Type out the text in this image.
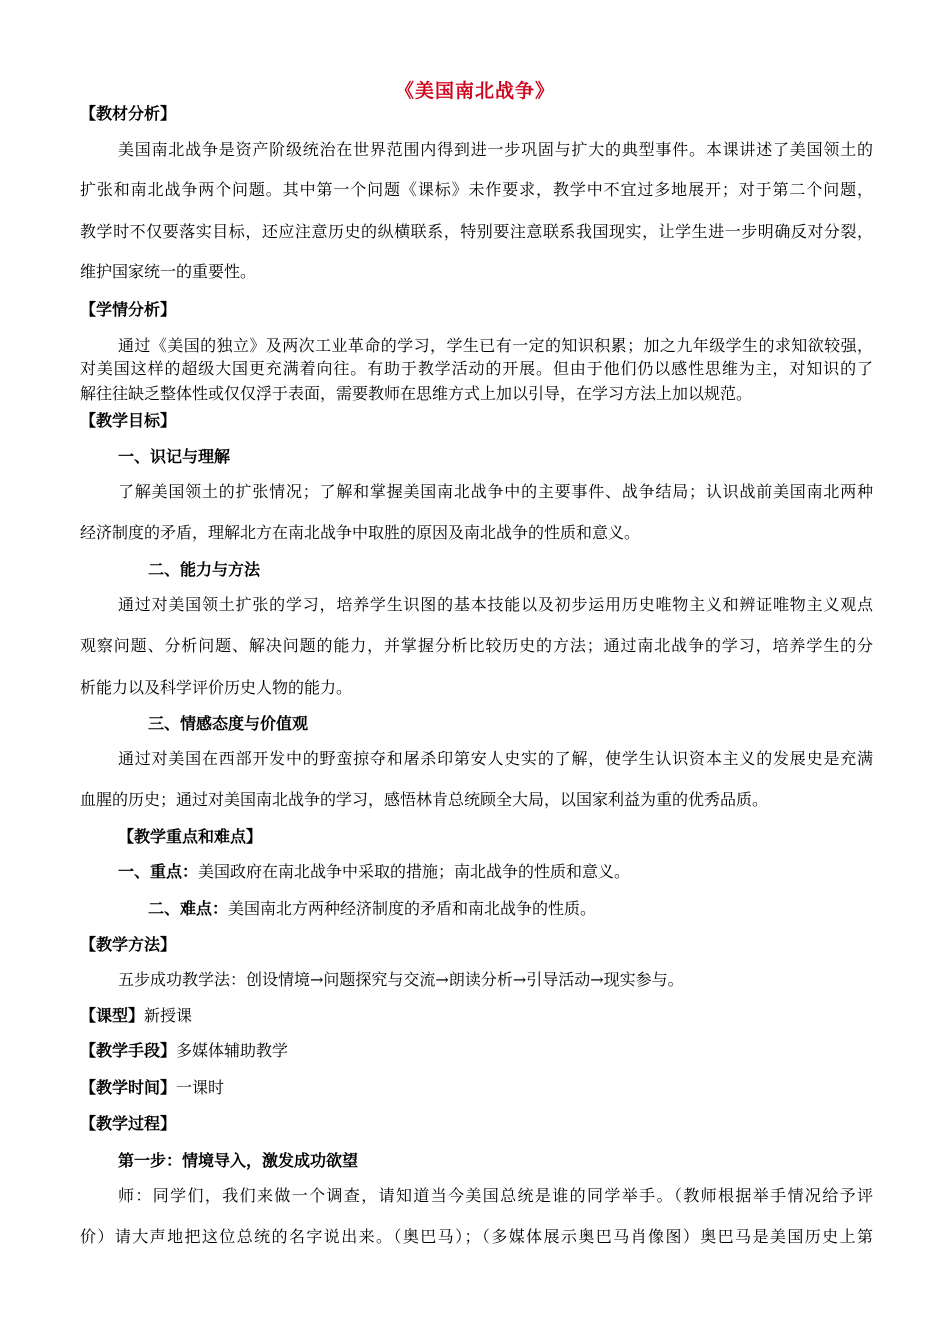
《美国南北战争》
【教材分析】
美国南北战争是资产阶级统治在世界范围内得到进一步巩固与扩大的典型事件。本课讲述了美国领土的
扩张和南北战争两个问题。其中第一个问题《课标》未作要求，教学中不宜过多地展开；对于第二个问题，
教学时不仅要落实目标，还应注意历史的纵横联系，特别要注意联系我国现实，让学生进一步明确反对分裂，
维护国家统一的重要性。
【学情分析】
通过《美国的独立》及两次工业革命的学习，学生已有一定的知识积累；加之九年级学生的求知欲较强，
对美国这样的超级大国更充满着向往。有助于教学活动的开展。但由于他们仍以感性思维为主，对知识的了
解往往缺乏整体性或仅仅浮于表面，需要教师在思维方式上加以引导，在学习方法上加以规范。
【教学目标】
一、识记与理解
了解美国领土的扩张情况；了解和掌握美国南北战争中的主要事件、战争结局；认识战前美国南北两种
经济制度的矛盾，理解北方在南北战争中取胜的原因及南北战争的性质和意义。
二、能力与方法
通过对美国领土扩张的学习，培养学生识图的基本技能以及初步运用历史唯物主义和辨证唯物主义观点
观察问题、分析问题、解决问题的能力，并掌握分析比较历史的方法；通过南北战争的学习，培养学生的分
析能力以及科学评价历史人物的能力。
三、情感态度与价值观
通过对美国在西部开发中的野蛮掠夺和屠杀印第安人史实的了解，使学生认识资本主义的发展史是充满
血腥的历史；通过对美国南北战争的学习，感悟林肯总统顾全大局，以国家利益为重的优秀品质。
【教学重点和难点】
一、重点：美国政府在南北战争中采取的措施；南北战争的性质和意义。
二、难点：美国南北方两种经济制度的矛盾和南北战争的性质。
【教学方法】
五步成功教学法：创设情境→问题探究与交流→朗读分析→引导活动→现实参与。
【课型】新授课
【教学手段】多媒体辅助教学
【教学时间】一课时
【教学过程】
第一步：情境导入，激发成功欲望
师：同学们，我们来做一个调查，请知道当今美国总统是谁的同学举手。（教师根据举手情况给予评
价）请大声地把这位总统的名字说出来。（奥巴马）；（多媒体展示奥巴马肖像图）奥巴马是美国历史上第
